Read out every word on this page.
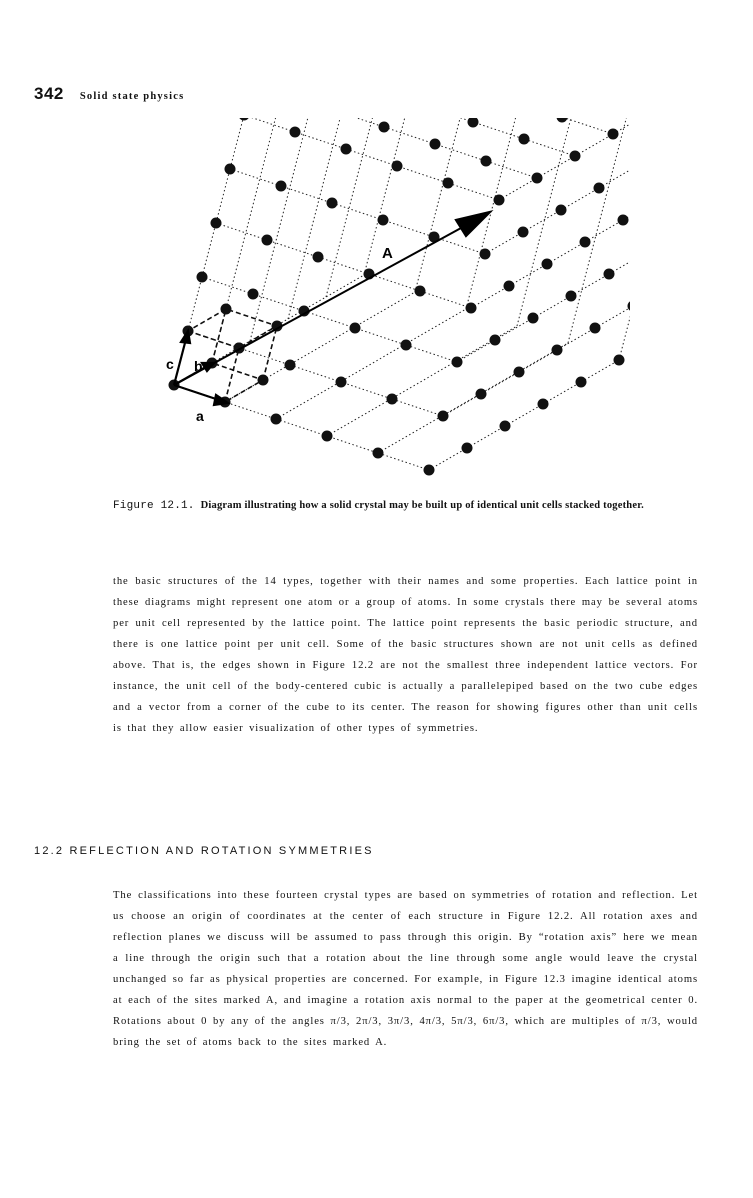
342 Solid state physics
A
c b
a
Figure 12.1. Diagram illustrating how a solid crystal may be built up of identical unit cells stacked together.
the basic structures of the 14 types, together with their names and some properties. Each lattice point in these diagrams might represent one atom or a group of atoms. In some crystals there may be several atoms per unit cell represented by the lattice point. The lattice point represents the basic periodic structure, and there is one lattice point per unit cell. Some of the basic structures shown are not unit cells as defined above. That is, the edges shown in Figure 12.2 are not the smallest three independent lattice vectors. For instance, the unit cell of the body-centered cubic is actually a parallelepiped based on the two cube edges and a vector from a corner of the cube to its center. The reason for showing figures other than unit cells is that they allow easier visualization of other types of symmetries.
12.2 REFLECTION AND ROTATION SYMMETRIES
The classifications into these fourteen crystal types are based on symmetries of rotation and reflection. Let us choose an origin of coordinates at the center of each structure in Figure 12.2. All rotation axes and reflection planes we discuss will be assumed to pass through this origin. By “rotation axis” here we mean a line through the origin such that a rotation about the line through some angle would leave the crystal unchanged so far as physical properties are concerned. For example, in Figure 12.3 imagine identical atoms at each of the sites marked A, and imagine a rotation axis normal to the paper at the geometrical center 0. Rotations about 0 by any of the angles π/3, 2π/3, 3π/3, 4π/3, 5π/3, 6π/3, which are multiples of π/3, would bring the set of atoms back to the sites marked A.
